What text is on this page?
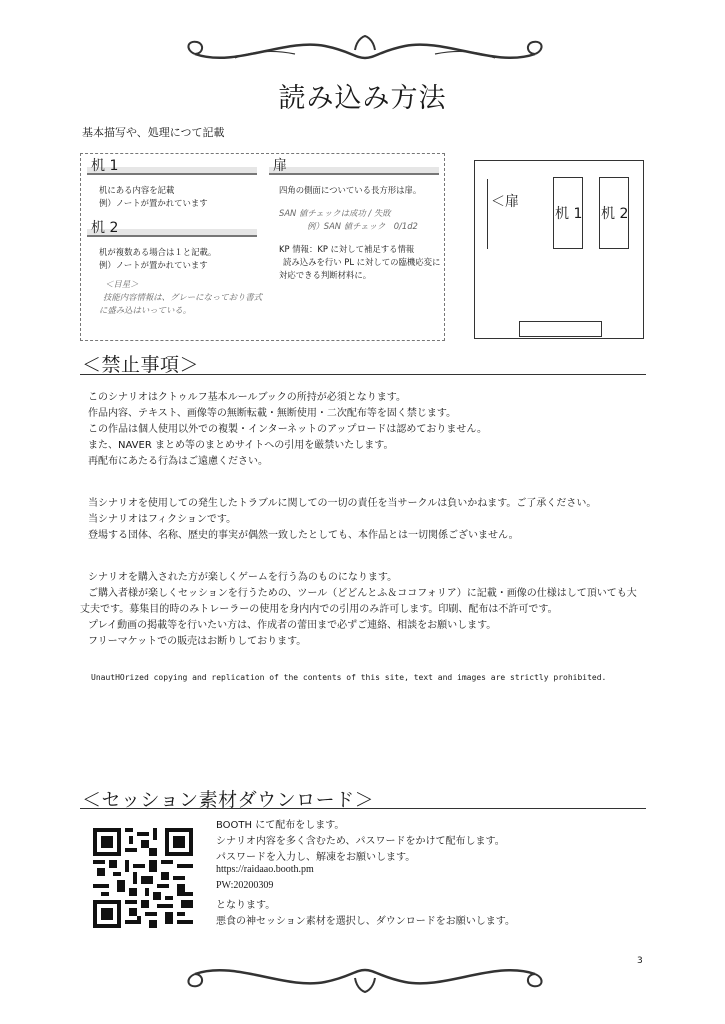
読み込み方法
基本描写や、処理につて記載
机 1
机にある内容を記載
例）ノートが置かれています
机 2
机が複数ある場合は１と記載。
例）ノートが置かれています
＜目星＞
技能内容情報は、グレーになっており書式
に盛み込はいっている。
扉
四角の側面についている長方形は扉。
SAN 値チェックは成功 / 失敗
例）SAN 値チェック　0/1d2
KP 情報：KP に対して補足する情報
読み込みを行い PL に対しての臨機応変に
対応できる判断材料に。
＜扉
机 1 机 2
＜禁止事項＞
このシナリオはクトゥルフ基本ルールブックの所持が必須となります。
作品内容、テキスト、画像等の無断転載・無断使用・二次配布等を固く禁じます。
この作品は個人使用以外での複製・インターネットのアップロードは認めておりません。
また、NAVER まとめ等のまとめサイトへの引用を厳禁いたします。
再配布にあたる行為はご遠慮ください。
当シナリオを使用しての発生したトラブルに関しての一切の責任を当サークルは負いかねます。ご了承ください。
当シナリオはフィクションです。
登場する団体、名称、歴史的事実が偶然一致したとしても、本作品とは一切関係ございません。
シナリオを購入された方が楽しくゲームを行う為のものになります。
ご購入者様が楽しくセッションを行うための、ツール（どどんとふ＆ココフォリア）に記載・画像の仕様はして頂いても大
丈夫です。募集目的時のみトレーラーの使用を身内内での引用のみ許可します。印刷、配布は不許可です。
プレイ動画の掲載等を行いたい方は、作成者の蕾田まで必ずご連絡、相談をお願いします。
フリーマケットでの販売はお断りしております。
UnautHOrized copying and replication of the contents of this site, text and images are strictly prohibited.
＜セッション素材ダウンロード＞
BOOTH にて配布をします。
シナリオ内容を多く含むため、パスワードをかけて配布します。
パスワードを入力し、解凍をお願いします。
https://raidaao.booth.pm
PW:20200309
となります。
悪食の神セッション素材を選択し、ダウンロードをお願いします。
3
